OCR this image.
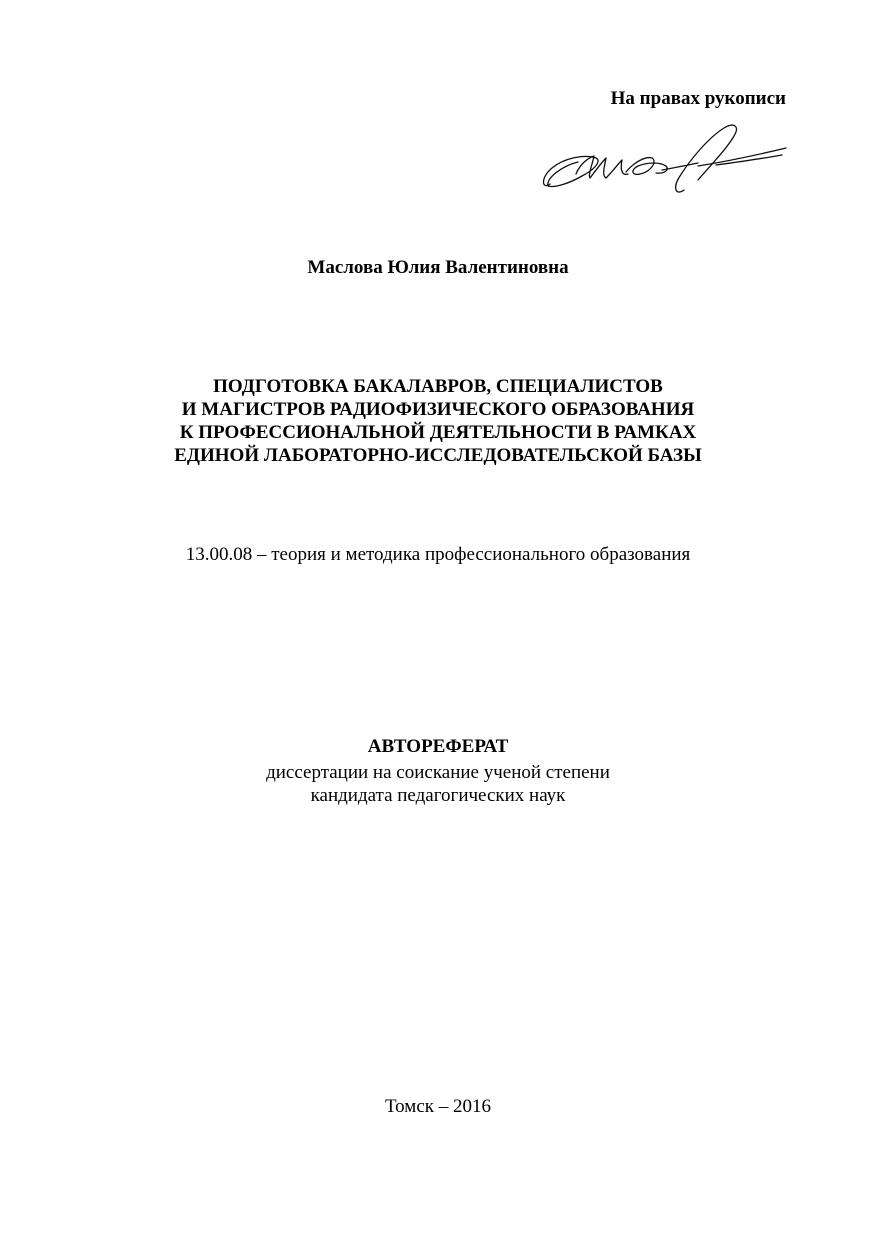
На правах рукописи
Маслова Юлия Валентиновна
ПОДГОТОВКА БАКАЛАВРОВ, СПЕЦИАЛИСТОВ
И МАГИСТРОВ РАДИОФИЗИЧЕСКОГО ОБРАЗОВАНИЯ
К ПРОФЕССИОНАЛЬНОЙ ДЕЯТЕЛЬНОСТИ В РАМКАХ
ЕДИНОЙ ЛАБОРАТОРНО-ИССЛЕДОВАТЕЛЬСКОЙ БАЗЫ
13.00.08 – теория и методика профессионального образования
АВТОРЕФЕРАТ
диссертации на соискание ученой степени
кандидата педагогических наук
Томск – 2016
